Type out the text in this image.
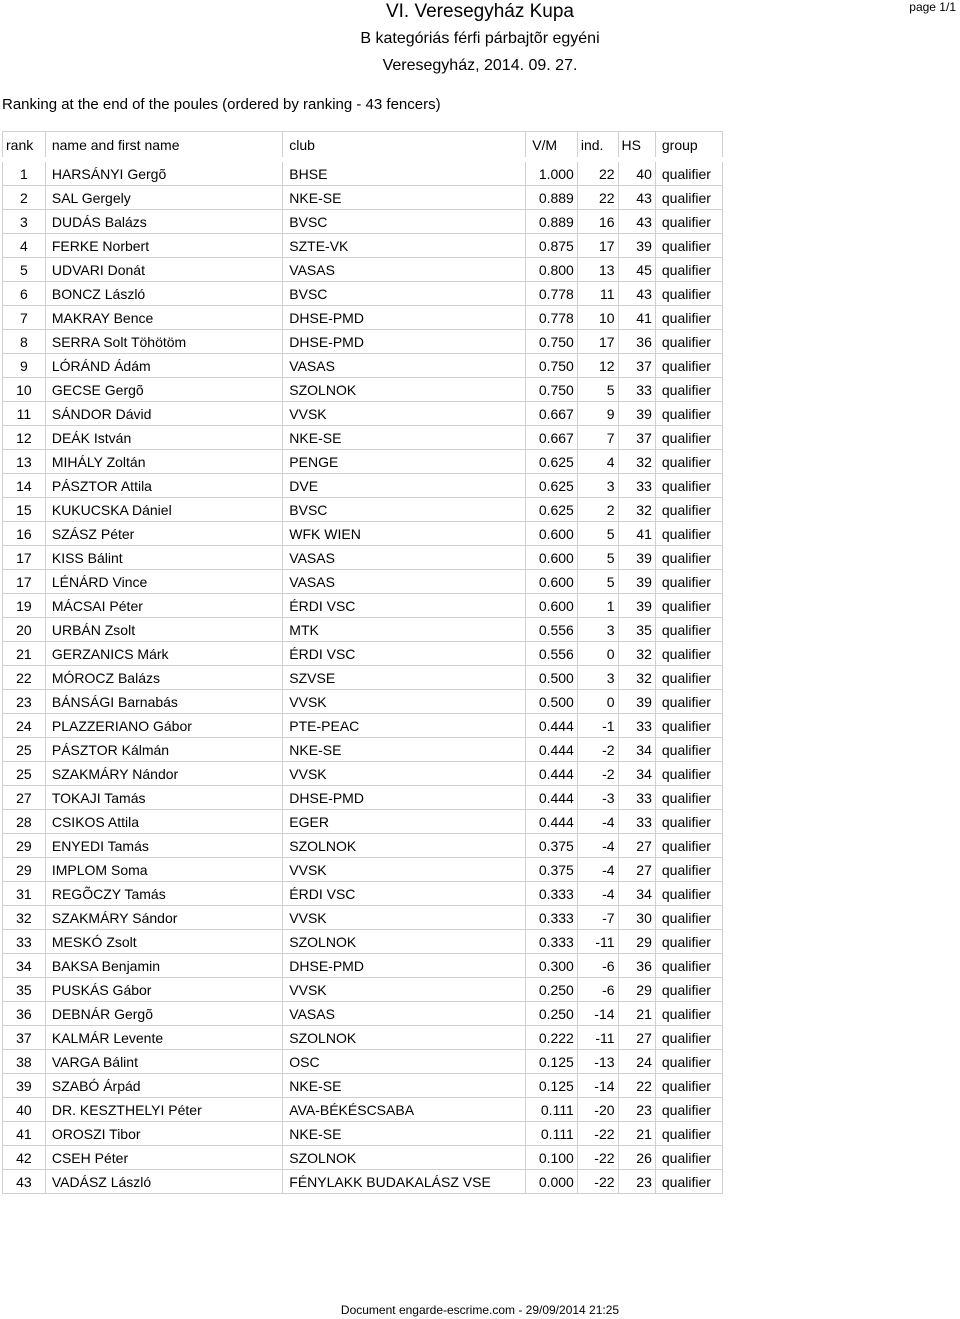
VI. Veresegyház Kupa
B kategóriás férfi párbajtõr egyéni
Veresegyház, 2014. 09. 27.
page 1/1
Ranking at the end of the poules (ordered by ranking - 43 fencers)
rank	name and first name	club	V/M	ind.	HS	group
1	HARSÁNYI Gergõ	BHSE	1.000	22	40	qualifier
2	SAL Gergely	NKE-SE	0.889	22	43	qualifier
3	DUDÁS Balázs	BVSC	0.889	16	43	qualifier
4	FERKE Norbert	SZTE-VK	0.875	17	39	qualifier
5	UDVARI Donát	VASAS	0.800	13	45	qualifier
6	BONCZ László	BVSC	0.778	11	43	qualifier
7	MAKRAY Bence	DHSE-PMD	0.778	10	41	qualifier
8	SERRA Solt Töhötöm	DHSE-PMD	0.750	17	36	qualifier
9	LÓRÁND Ádám	VASAS	0.750	12	37	qualifier
10	GECSE Gergõ	SZOLNOK	0.750	5	33	qualifier
11	SÁNDOR Dávid	VVSK	0.667	9	39	qualifier
12	DEÁK István	NKE-SE	0.667	7	37	qualifier
13	MIHÁLY Zoltán	PENGE	0.625	4	32	qualifier
14	PÁSZTOR Attila	DVE	0.625	3	33	qualifier
15	KUKUCSKA Dániel	BVSC	0.625	2	32	qualifier
16	SZÁSZ Péter	WFK WIEN	0.600	5	41	qualifier
17	KISS Bálint	VASAS	0.600	5	39	qualifier
17	LÉNÁRD Vince	VASAS	0.600	5	39	qualifier
19	MÁCSAI Péter	ÉRDI VSC	0.600	1	39	qualifier
20	URBÁN Zsolt	MTK	0.556	3	35	qualifier
21	GERZANICS Márk	ÉRDI VSC	0.556	0	32	qualifier
22	MÓROCZ Balázs	SZVSE	0.500	3	32	qualifier
23	BÁNSÁGI Barnabás	VVSK	0.500	0	39	qualifier
24	PLAZZERIANO Gábor	PTE-PEAC	0.444	-1	33	qualifier
25	PÁSZTOR Kálmán	NKE-SE	0.444	-2	34	qualifier
25	SZAKMÁRY Nándor	VVSK	0.444	-2	34	qualifier
27	TOKAJI Tamás	DHSE-PMD	0.444	-3	33	qualifier
28	CSIKOS Attila	EGER	0.444	-4	33	qualifier
29	ENYEDI Tamás	SZOLNOK	0.375	-4	27	qualifier
29	IMPLOM Soma	VVSK	0.375	-4	27	qualifier
31	REGÕCZY Tamás	ÉRDI VSC	0.333	-4	34	qualifier
32	SZAKMÁRY Sándor	VVSK	0.333	-7	30	qualifier
33	MESKÓ Zsolt	SZOLNOK	0.333	-11	29	qualifier
34	BAKSA Benjamin	DHSE-PMD	0.300	-6	36	qualifier
35	PUSKÁS Gábor	VVSK	0.250	-6	29	qualifier
36	DEBNÁR Gergõ	VASAS	0.250	-14	21	qualifier
37	KALMÁR Levente	SZOLNOK	0.222	-11	27	qualifier
38	VARGA Bálint	OSC	0.125	-13	24	qualifier
39	SZABÓ Árpád	NKE-SE	0.125	-14	22	qualifier
40	DR. KESZTHELYI Péter	AVA-BÉKÉSCSABA	0.111	-20	23	qualifier
41	OROSZI Tibor	NKE-SE	0.111	-22	21	qualifier
42	CSEH Péter	SZOLNOK	0.100	-22	26	qualifier
43	VADÁSZ László	FÉNYLAKK BUDAKALÁSZ VSE	0.000	-22	23	qualifier
Document engarde-escrime.com - 29/09/2014 21:25
